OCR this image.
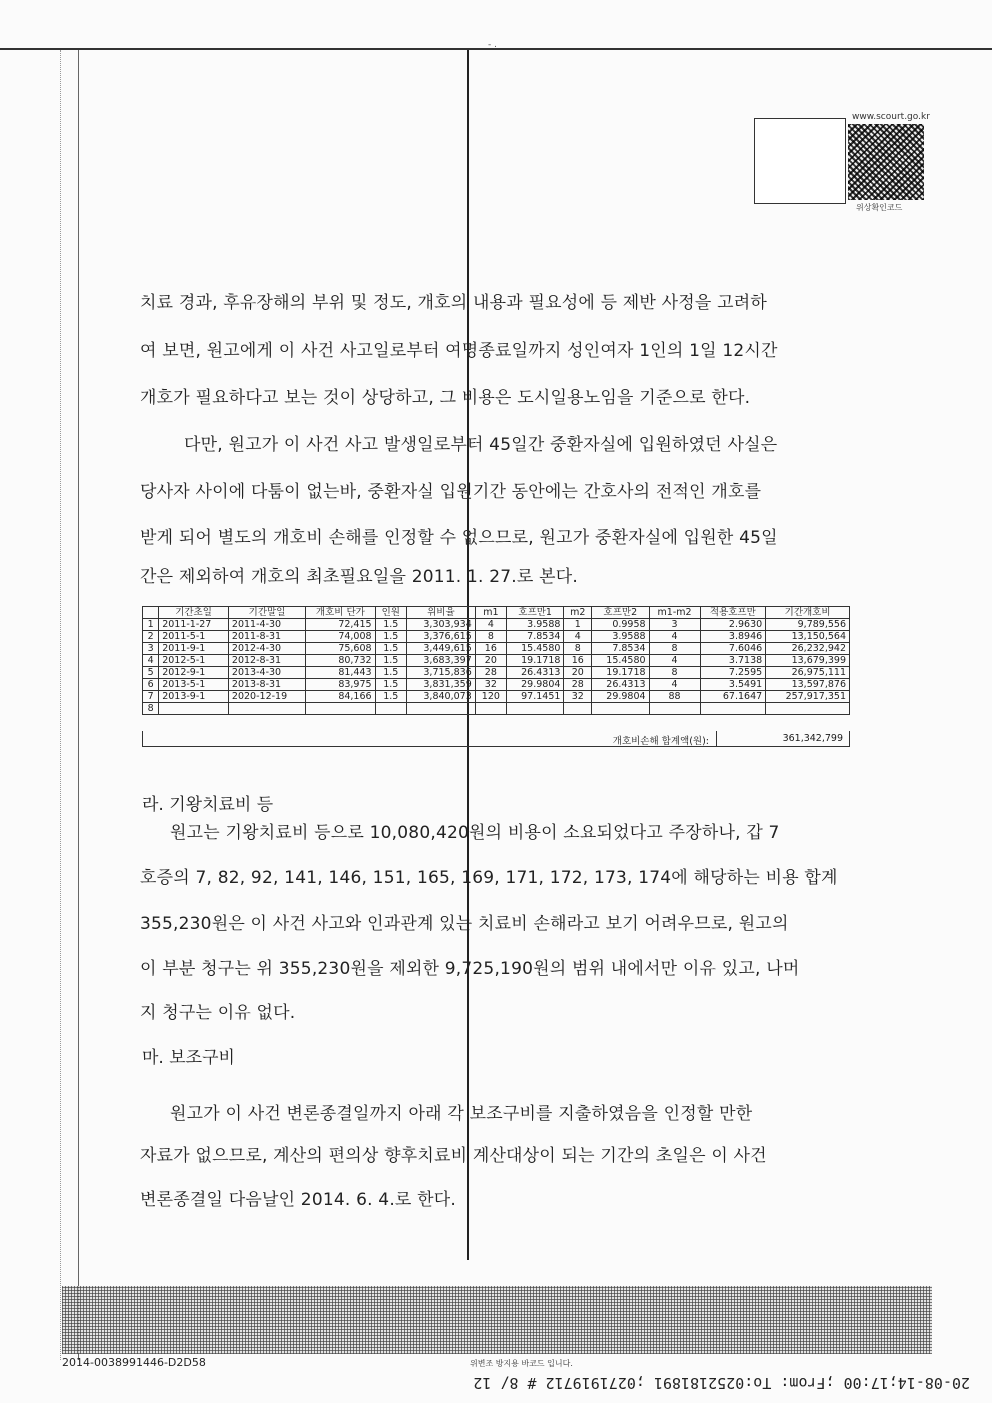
- .
www.scourt.go.kr
위상확인코드
치료 경과, 후유장해의 부위 및 정도, 개호의 내용과 필요성에 등 제반 사정을 고려하
여 보면, 원고에게 이 사건 사고일로부터 여명종료일까지 성인여자 1인의 1일 12시간
개호가 필요하다고 보는 것이 상당하고, 그 비용은 도시일용노임을 기준으로 한다.
다만, 원고가 이 사건 사고 발생일로부터 45일간 중환자실에 입원하였던 사실은
당사자 사이에 다툼이 없는바, 중환자실 입원기간 동안에는 간호사의 전적인 개호를
받게 되어 별도의 개호비 손해를 인정할 수 없으므로, 원고가 중환자실에 입원한 45일
간은 제외하여 개호의 최초필요일을 2011. 1. 27.로 본다.
	기간초일	기간말일	개호비 단가	인원	위비율	m1	호프만1	m2	호프만2	m1-m2	적용호프만	기간개호비
1	2011-1-27	2011-4-30	72,415	1.5	3,303,934	4	3.9588	1	0.9958	3	2.9630	9,789,556
2	2011-5-1	2011-8-31	74,008	1.5	3,376,615	8	7.8534	4	3.9588	4	3.8946	13,150,564
3	2011-9-1	2012-4-30	75,608	1.5	3,449,615	16	15.4580	8	7.8534	8	7.6046	26,232,942
4	2012-5-1	2012-8-31	80,732	1.5	3,683,397	20	19.1718	16	15.4580	4	3.7138	13,679,399
5	2012-9-1	2013-4-30	81,443	1.5	3,715,836	28	26.4313	20	19.1718	8	7.2595	26,975,111
6	2013-5-1	2013-8-31	83,975	1.5	3,831,359	32	29.9804	28	26.4313	4	3.5491	13,597,876
7	2013-9-1	2020-12-19	84,166	1.5	3,840,073	120	97.1451	32	29.9804	88	67.1647	257,917,351
8												
개호비손해 합계액(원):	361,342,799
라. 기왕치료비 등
원고는 기왕치료비 등으로 10,080,420원의 비용이 소요되었다고 주장하나, 갑 7
호증의 7, 82, 92, 141, 146, 151, 165, 169, 171, 172, 173, 174에 해당하는 비용 합계
355,230원은 이 사건 사고와 인과관계 있는 치료비 손해라고 보기 어려우므로, 원고의
이 부분 청구는 위 355,230원을 제외한 9,725,190원의 범위 내에서만 이유 있고, 나머
지 청구는 이유 없다.
마. 보조구비
원고가 이 사건 변론종결일까지 아래 각 보조구비를 지출하였음을 인정할 만한
자료가 없으므로, 계산의 편의상 향후치료비 계산대상이 되는 기간의 초일은 이 사건
변론종결일 다음날인 2014. 6. 4.로 한다.
2014-0038991446-D2D58	위변조 방지용 바코드 입니다.
20-08-14;17:00 ;From: To:0252181891 ;0271919712 # 8/ 12
